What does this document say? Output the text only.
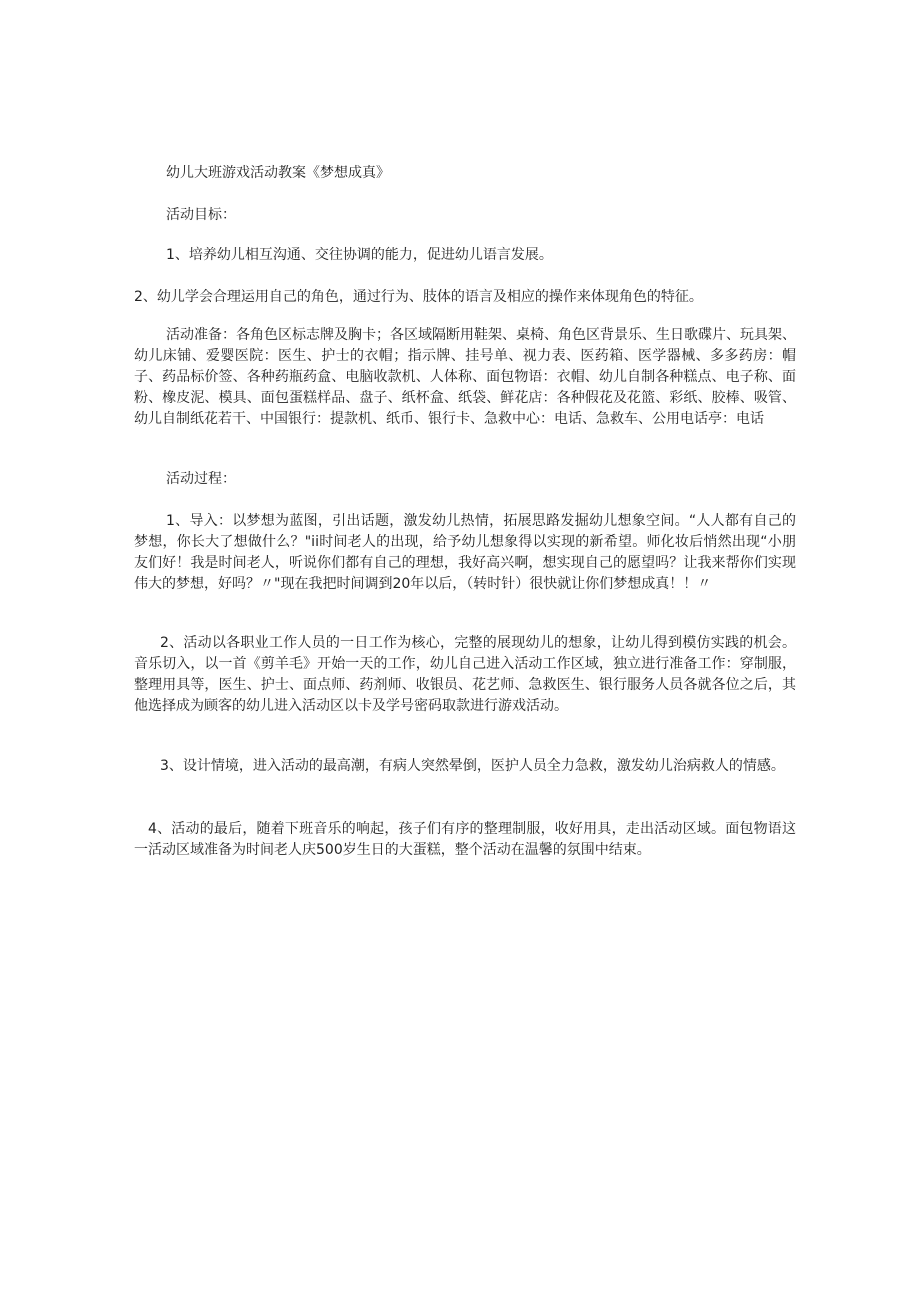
幼儿大班游戏活动教案《梦想成真》

活动目标：

1、培养幼儿相互沟通、交往协调的能力，促进幼儿语言发展。

2、幼儿学会合理运用自己的角色，通过行为、肢体的语言及相应的操作来体现角色的特征。

活动准备：各角色区标志牌及胸卡；各区域隔断用鞋架、桌椅、角色区背景乐、生日歌碟片、玩具架、幼儿床铺、爱婴医院：医生、护士的衣帽；指示牌、挂号单、视力表、医药箱、医学器械、多多药房：帽子、药品标价签、各种药瓶药盒、电脑收款机、人体称、面包物语：衣帽、幼儿自制各种糕点、电子称、面粉、橡皮泥、模具、面包蛋糕样品、盘子、纸杯盒、纸袋、鲜花店：各种假花及花篮、彩纸、胶棒、吸管、幼儿自制纸花若干、中国银行：提款机、纸币、银行卡、急救中心：电话、急救车、公用电话亭：电话

活动过程：

1、导入：以梦想为蓝图，引出话题，激发幼儿热情，拓展思路发掘幼儿想象空间。“人人都有自己的梦想，你长大了想做什么？"ii时间老人的出现，给予幼儿想象得以实现的新希望。师化妆后悄然出现“小朋友们好！我是时间老人，听说你们都有自己的理想，我好高兴啊，想实现自己的愿望吗？让我来帮你们实现伟大的梦想，好吗？〃"现在我把时间调到20年以后，（转时针）很快就让你们梦想成真！！〃

2、活动以各职业工作人员的一日工作为核心，完整的展现幼儿的想象，让幼儿得到模仿实践的机会。音乐切入，以一首《剪羊毛》开始一天的工作，幼儿自己进入活动工作区域，独立进行准备工作：穿制服，整理用具等，医生、护士、面点师、药剂师、收银员、花艺师、急救医生、银行服务人员各就各位之后，其他选择成为顾客的幼儿进入活动区以卡及学号密码取款进行游戏活动。

3、设计情境，进入活动的最高潮，有病人突然晕倒，医护人员全力急救，激发幼儿治病救人的情感。

4、活动的最后，随着下班音乐的响起，孩子们有序的整理制服，收好用具，走出活动区域。面包物语这一活动区域准备为时间老人庆500岁生日的大蛋糕，整个活动在温馨的氛围中结束。
